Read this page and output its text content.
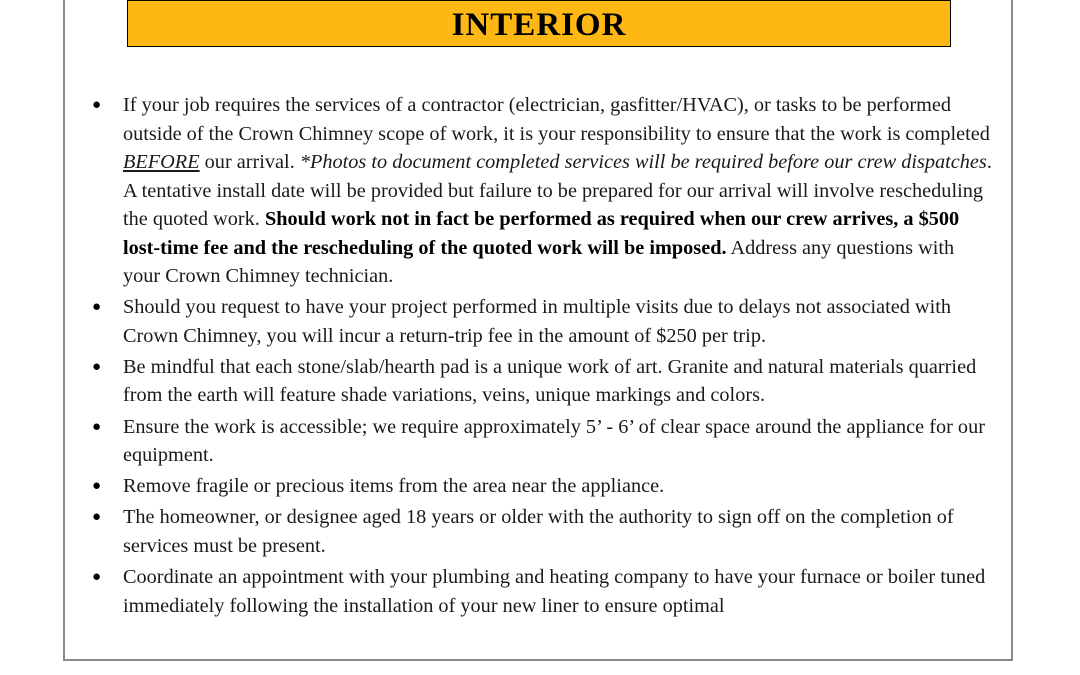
INTERIOR
● If your job requires the services of a contractor (electrician, gasfitter/HVAC), or tasks to be performed outside of the Crown Chimney scope of work, it is your responsibility to ensure that the work is completed BEFORE our arrival. *Photos to document completed services will be required before our crew dispatches. A tentative install date will be provided but failure to be prepared for our arrival will involve rescheduling the quoted work. Should work not in fact be performed as required when our crew arrives, a $500 lost-time fee and the rescheduling of the quoted work will be imposed. Address any questions with your Crown Chimney technician.
● Should you request to have your project performed in multiple visits due to delays not associated with Crown Chimney, you will incur a return-trip fee in the amount of $250 per trip.
● Be mindful that each stone/slab/hearth pad is a unique work of art. Granite and natural materials quarried from the earth will feature shade variations, veins, unique markings and colors.
● Ensure the work is accessible; we require approximately 5’ - 6’ of clear space around the appliance for our equipment.
● Remove fragile or precious items from the area near the appliance.
● The homeowner, or designee aged 18 years or older with the authority to sign off on the completion of services must be present.
● Coordinate an appointment with your plumbing and heating company to have your furnace or boiler tuned immediately following the installation of your new liner to ensure optimal
